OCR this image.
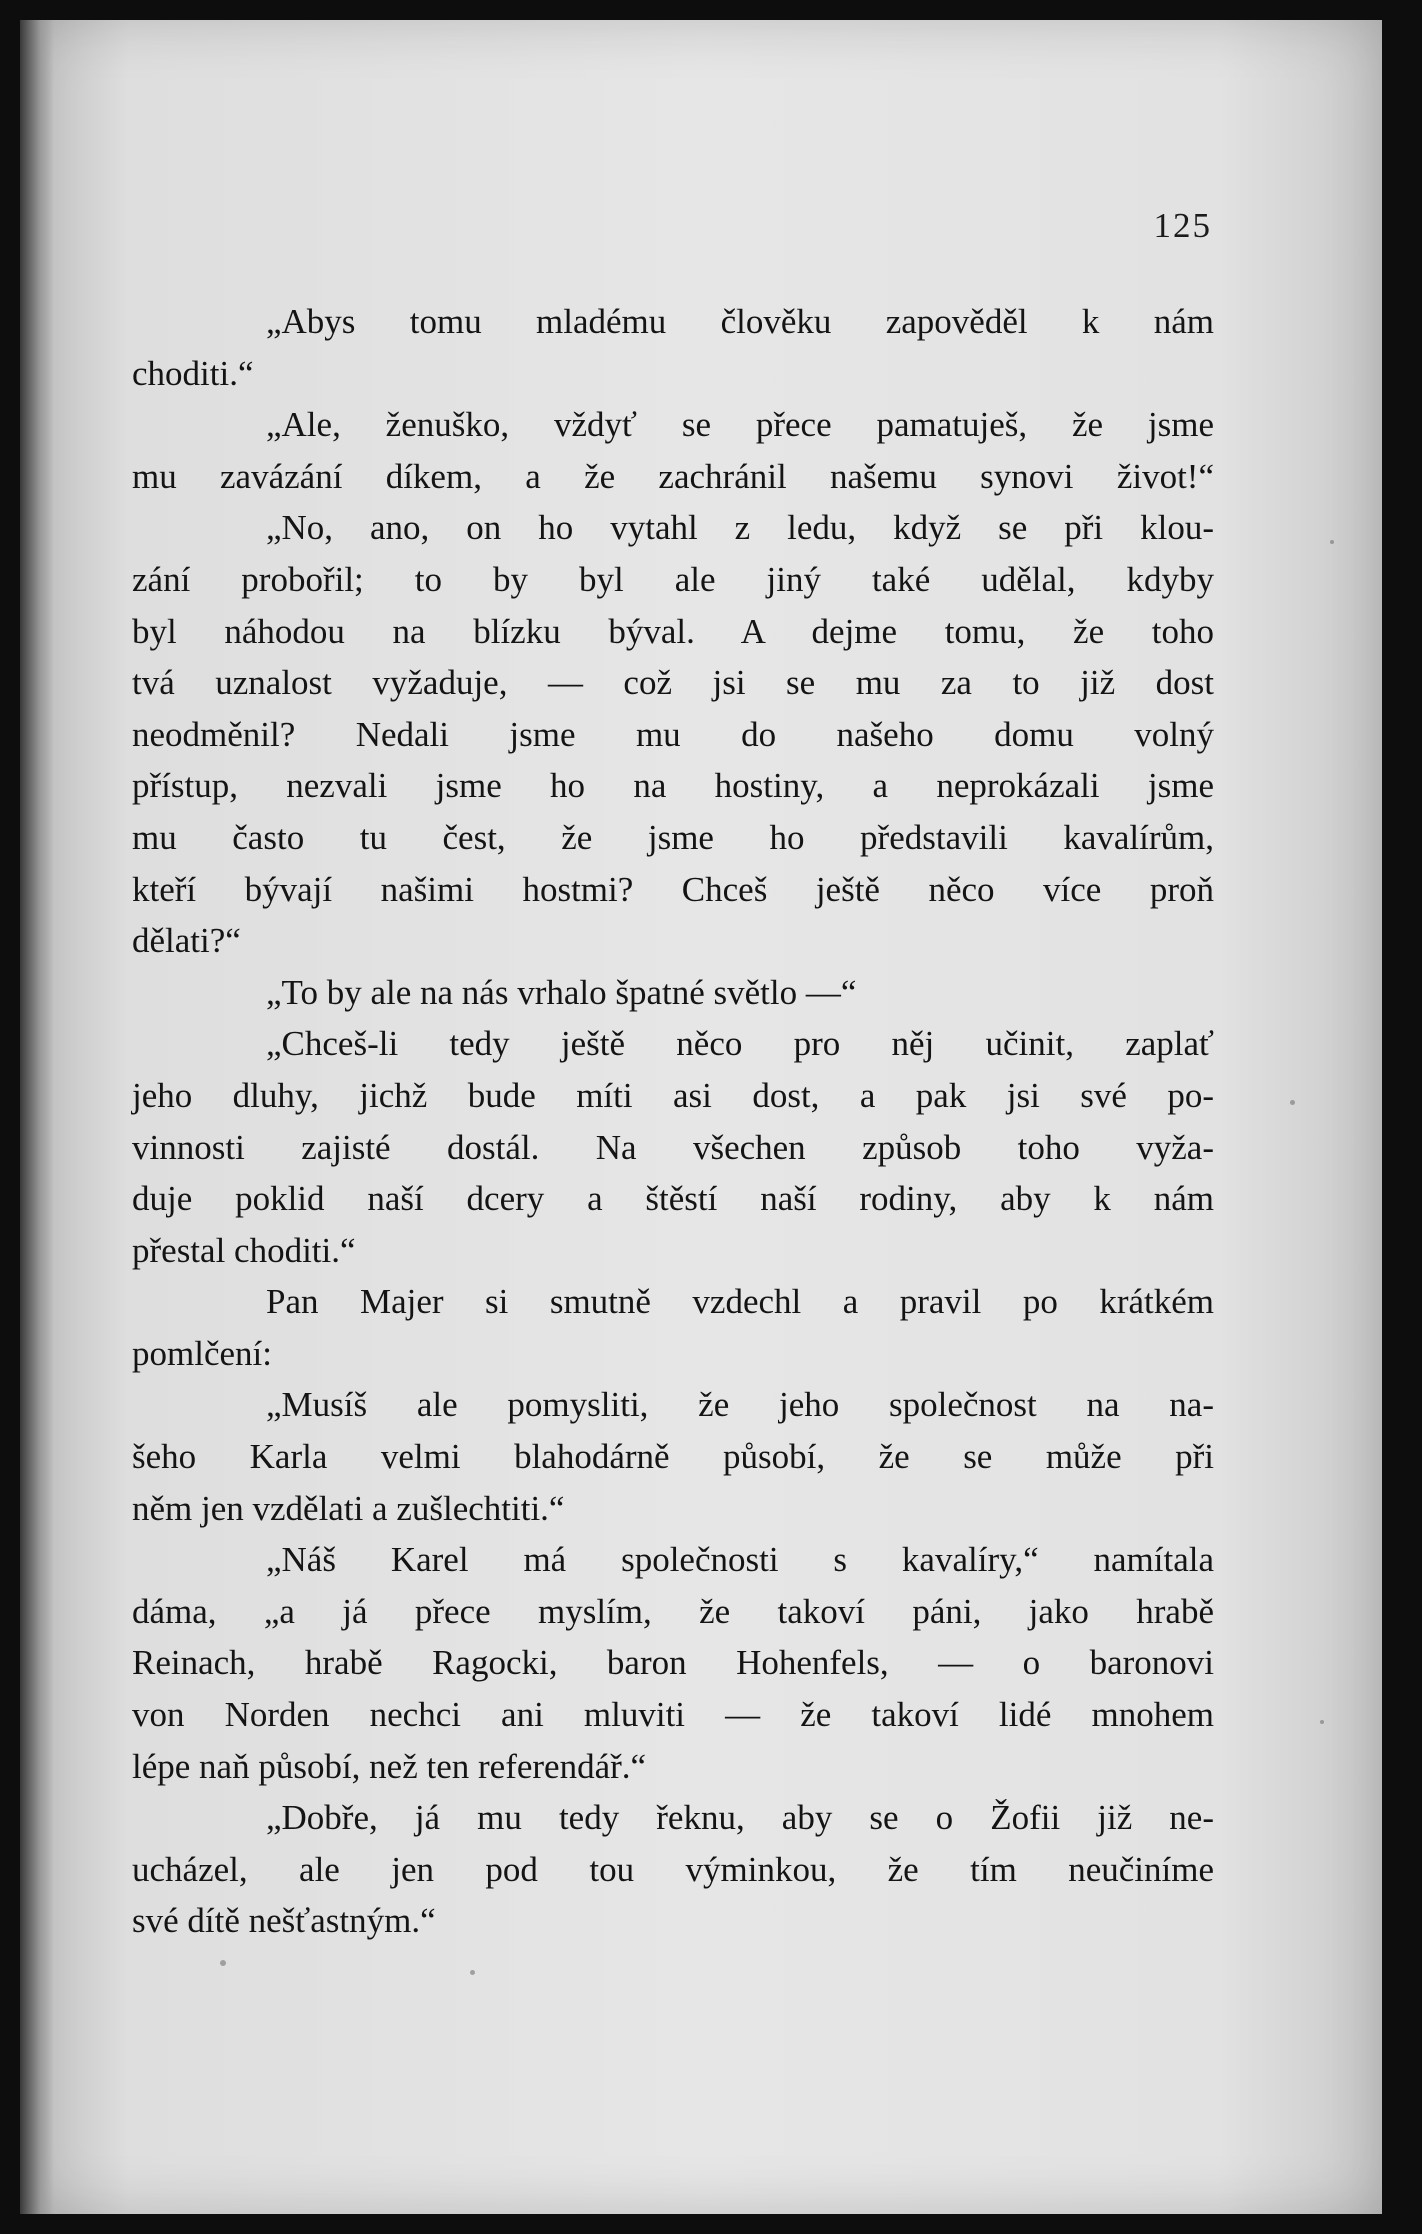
125
„Abys tomu mladému člověku zapověděl k nám
choditi.“
„Ale, ženuško, vždyť se přece pamatuješ, že jsme
mu zavázání díkem, a že zachránil našemu synovi život!“
„No, ano, on ho vytahl z ledu, když se při klou-
zání probořil; to by byl ale jiný také udělal, kdyby
byl náhodou na blízku býval. A dejme tomu, že toho
tvá uznalost vyžaduje, — což jsi se mu za to již dost
neodměnil? Nedali jsme mu do našeho domu volný
přístup, nezvali jsme ho na hostiny, a neprokázali jsme
mu často tu čest, že jsme ho představili kavalírům,
kteří bývají našimi hostmi? Chceš ještě něco více proň
dělati?“
„To by ale na nás vrhalo špatné světlo —“
„Chceš-li tedy ještě něco pro něj učinit, zaplať
jeho dluhy, jichž bude míti asi dost, a pak jsi své po-
vinnosti zajisté dostál. Na všechen způsob toho vyža-
duje poklid naší dcery a štěstí naší rodiny, aby k nám
přestal choditi.“
Pan Majer si smutně vzdechl a pravil po krátkém
pomlčení:
„Musíš ale pomysliti, že jeho společnost na na-
šeho Karla velmi blahodárně působí, že se může při
něm jen vzdělati a zušlechtiti.“
„Náš Karel má společnosti s kavalíry,“ namítala
dáma, „a já přece myslím, že takoví páni, jako hrabě
Reinach, hrabě Ragocki, baron Hohenfels, — o baronovi
von Norden nechci ani mluviti — že takoví lidé mnohem
lépe naň působí, než ten referendář.“
„Dobře, já mu tedy řeknu, aby se o Žofii již ne-
ucházel, ale jen pod tou výminkou, že tím neučiníme
své dítě nešťastným.“
